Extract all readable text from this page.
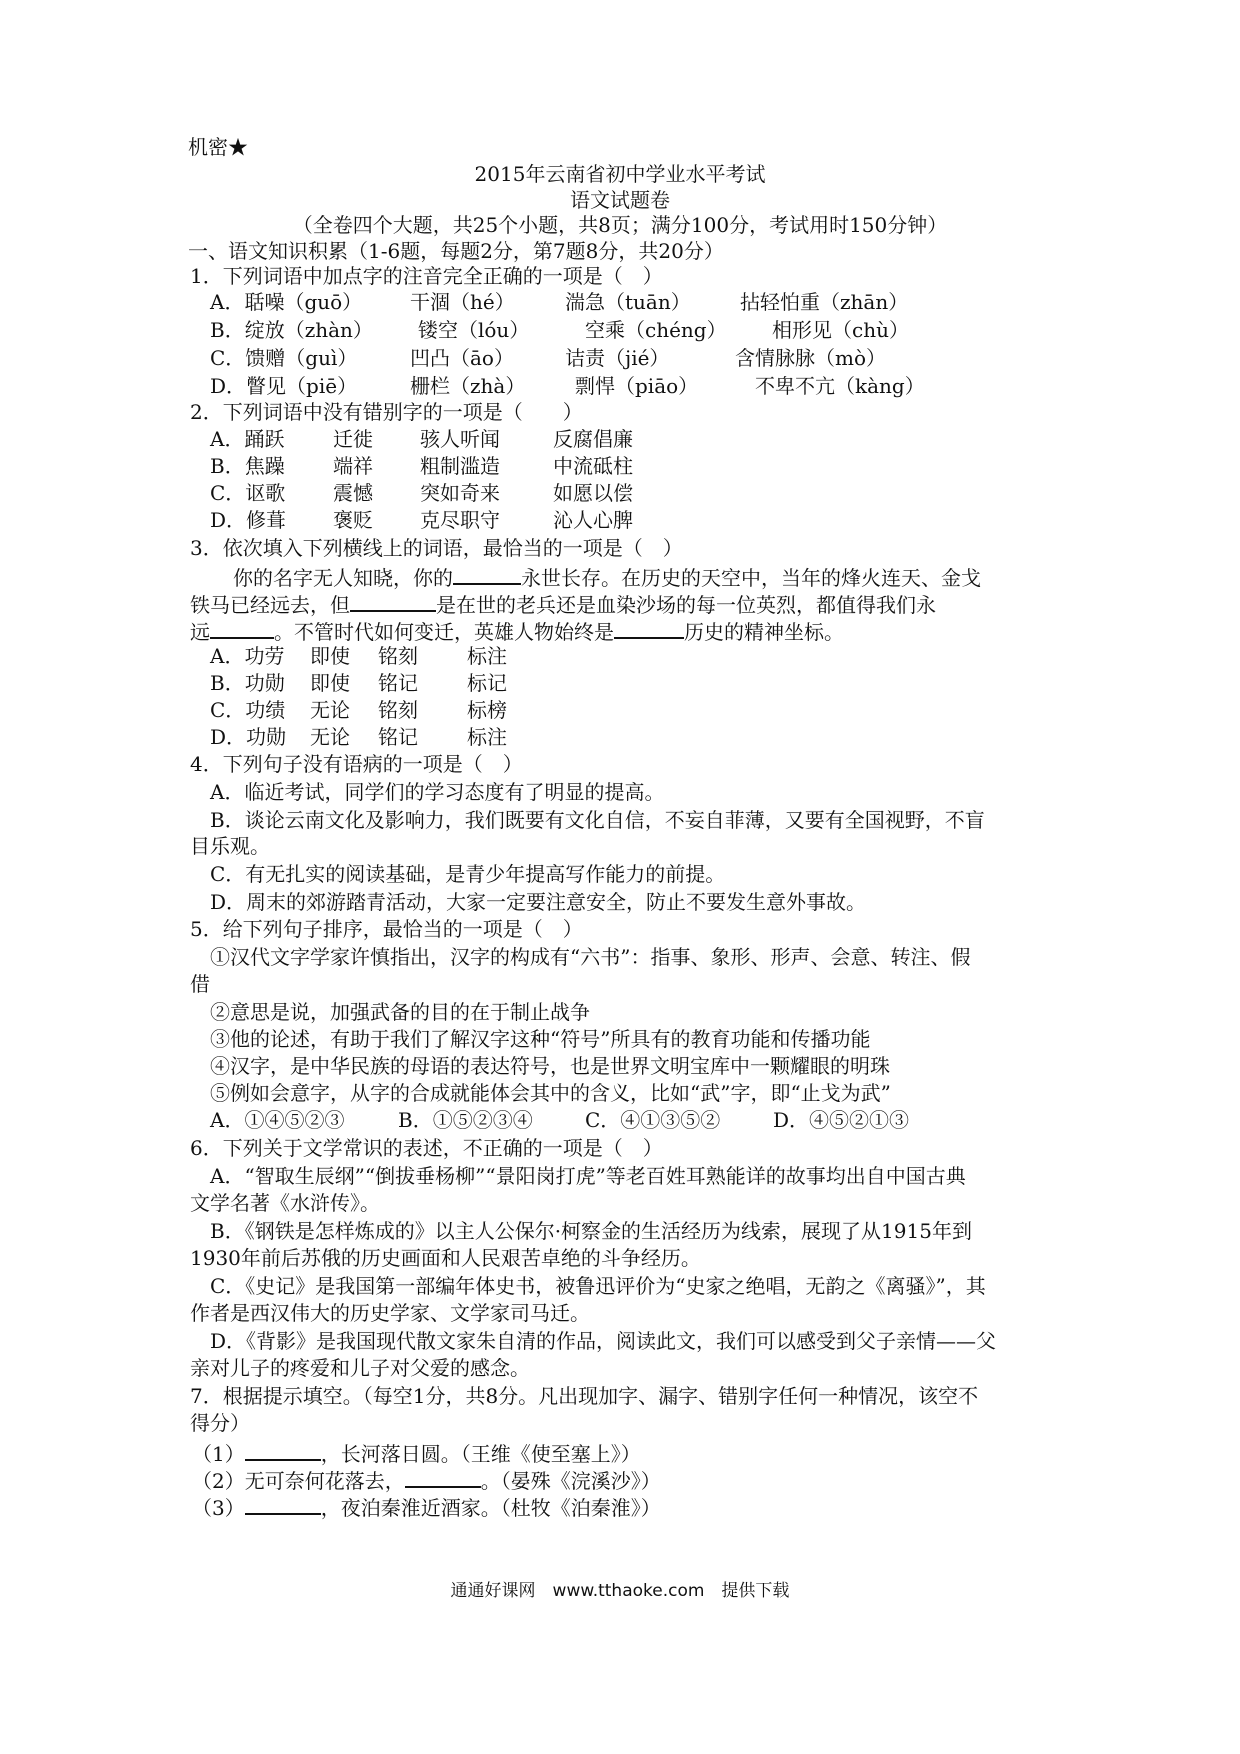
机密★
2015年云南省初中学业水平考试
语文试题卷
（全卷四个大题，共25个小题，共8页；满分100分，考试用时150分钟）
一、语文知识积累（1-6题，每题2分，第7题8分，共20分）
1．下列词语中加点字的注音完全正确的一项是（　）
A．聒噪（guō） 干涸（hé）	湍急（tuān） 拈轻怕重（zhān）
B．绽放（zhàn） 镂空（lóu）	空乘（chéng） 相形见（chù）
C．馈赠（guì）	凹凸（āo）	诘责（jié）	含情脉脉（mò）
D．瞥见（piē）	栅栏（zhà） 剽悍（piāo）	不卑不亢（kàng）
2．下列词语中没有错别字的一项是（　　）
A．踊跃 迁徙 骇人听闻	反腐倡廉
B．焦躁 端祥 粗制滥造	中流砥柱
C．讴歌 震憾 突如奇来	如愿以偿
D．修葺 褒贬 克尽职守	沁人心脾
3．依次填入下列横线上的词语，最恰当的一项是（　）
你的名字无人知晓，你的	永世长存。在历史的天空中，当年的烽火连天、金戈
铁马已经远去，但	是在世的老兵还是血染沙场的每一位英烈，都值得我们永
远	。不管时代如何变迁，英雄人物始终是	历史的精神坐标。
A．功劳 即使 铭刻 标注
B．功勋 即使 铭记 标记
C．功绩 无论 铭刻 标榜
D．功勋 无论 铭记 标注
4．下列句子没有语病的一项是（　）
A．临近考试，同学们的学习态度有了明显的提高。
B．谈论云南文化及影响力，我们既要有文化自信，不妄自菲薄，又要有全国视野，不盲
目乐观。
C．有无扎实的阅读基础，是青少年提高写作能力的前提。
D．周末的郊游踏青活动，大家一定要注意安全，防止不要发生意外事故。
5．给下列句子排序，最恰当的一项是（　）
①汉代文字学家许慎指出，汉字的构成有“六书”：指事、象形、形声、会意、转注、假
借
②意思是说，加强武备的目的在于制止战争
③他的论述，有助于我们了解汉字这种“符号”所具有的教育功能和传播功能
④汉字，是中华民族的母语的表达符号，也是世界文明宝库中一颗耀眼的明珠
⑤例如会意字，从字的合成就能体会其中的含义，比如“武”字，即“止戈为武”
A．①④⑤②③	B．①⑤②③④	C．④①③⑤②	D．④⑤②①③
6．下列关于文学常识的表述，不正确的一项是（　）
A．“智取生辰纲”“倒拔垂杨柳”“景阳岗打虎”等老百姓耳熟能详的故事均出自中国古典
文学名著《水浒传》。
B．《钢铁是怎样炼成的》以主人公保尔·柯察金的生活经历为线索，展现了从1915年到
1930年前后苏俄的历史画面和人民艰苦卓绝的斗争经历。
C．《史记》是我国第一部编年体史书，被鲁迅评价为“史家之绝唱，无韵之《离骚》”，其
作者是西汉伟大的历史学家、文学家司马迁。
D．《背影》是我国现代散文家朱自清的作品，阅读此文，我们可以感受到父子亲情——父
亲对儿子的疼爱和儿子对父爱的感念。
7．根据提示填空。（每空1分，共8分。凡出现加字、漏字、错别字任何一种情况，该空不
得分）
（1）	，长河落日圆。（王维《使至塞上》）
（2）无可奈何花落去，	。（晏殊《浣溪沙》）
（3）	，夜泊秦淮近酒家。（杜牧《泊秦淮》）
通通好课网　www.tthaoke.com　提供下载
